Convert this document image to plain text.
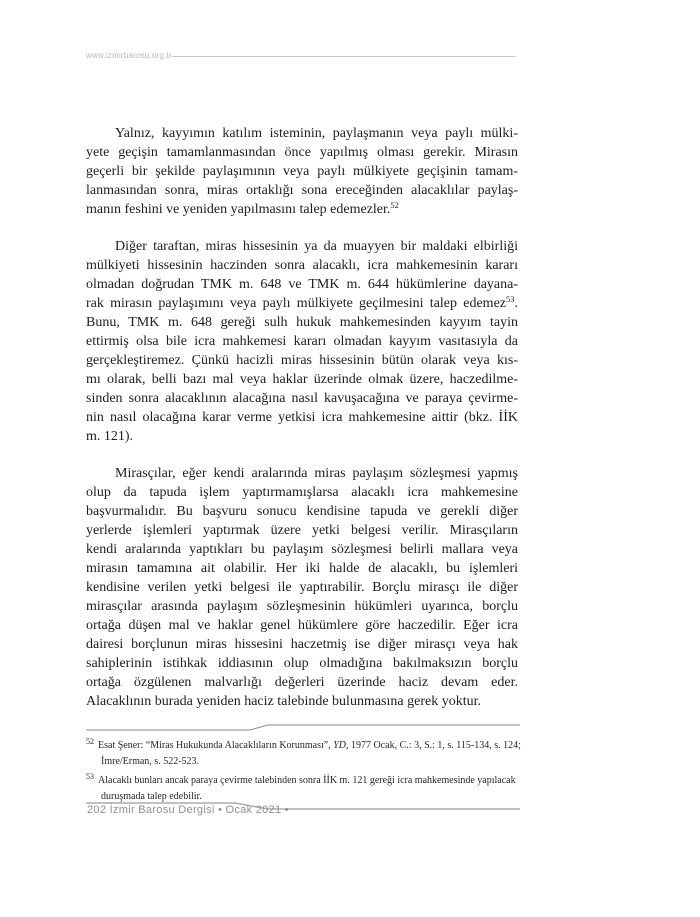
www.izmirbarosu.org.tr
Yalnız, kayyımın katılım isteminin, paylaşmanın veya paylı mülki-
yete geçişin tamamlanmasından önce yapılmış olması gerekir. Mirasın
geçerli bir şekilde paylaşımının veya paylı mülkiyete geçişinin tamam-
lanmasından sonra, miras ortaklığı sona ereceğinden alacaklılar paylaş-
manın feshini ve yeniden yapılmasını talep edemezler.$^{52}$
Diğer taraftan, miras hissesinin ya da muayyen bir maldaki elbirliği
mülkiyeti hissesinin haczinden sonra alacaklı, icra mahkemesinin kararı
olmadan doğrudan TMK m. 648 ve TMK m. 644 hükümlerine dayana-
rak mirasın paylaşımını veya paylı mülkiyete geçilmesini talep edemez$^{53}$.
Bunu, TMK m. 648 gereği sulh hukuk mahkemesinden kayyım tayin
ettirmiş olsa bile icra mahkemesi kararı olmadan kayyım vasıtasıyla da
gerçekleştiremez. Çünkü hacizli miras hissesinin bütün olarak veya kıs-
mı olarak, belli bazı mal veya haklar üzerinde olmak üzere, haczedilme-
sinden sonra alacaklının alacağına nasıl kavuşacağına ve paraya çevirme-
nin nasıl olacağına karar verme yetkisi icra mahkemesine aittir (bkz. İİK
m. 121).
Mirasçılar, eğer kendi aralarında miras paylaşım sözleşmesi yapmış
olup da tapuda işlem yaptırmamışlarsa alacaklı icra mahkemesine
başvurmalıdır. Bu başvuru sonucu kendisine tapuda ve gerekli diğer
yerlerde işlemleri yaptırmak üzere yetki belgesi verilir. Mirasçıların
kendi aralarında yaptıkları bu paylaşım sözleşmesi belirli mallara veya
mirasın tamamına ait olabilir. Her iki halde de alacaklı, bu işlemleri
kendisine verilen yetki belgesi ile yaptırabilir. Borçlu mirasçı ile diğer
mirasçılar arasında paylaşım sözleşmesinin hükümleri uyarınca, borçlu
ortağa düşen mal ve haklar genel hükümlere göre haczedilir. Eğer icra
dairesi borçlunun miras hissesini haczetmiş ise diğer mirasçı veya hak
sahiplerinin istihkak iddiasının olup olmadığına bakılmaksızın borçlu
ortağa özgülenen malvarlığı değerleri üzerinde haciz devam eder.
Alacaklının burada yeniden haciz talebinde bulunmasına gerek yoktur.
$^{52}$ Esat Şener: “Miras Hukukunda Alacaklıların Korunması”, YD, 1977 Ocak, C.: 3, S.: 1, s. 115-134, s. 124;
İmre/Erman, s. 522-523.
$^{53}$ Alacaklı bunları ancak paraya çevirme talebinden sonra İİK m. 121 gereği icra mahkemesinde yapılacak
duruşmada talep edebilir.
202 İzmir Barosu Dergisi • Ocak 2021 •
